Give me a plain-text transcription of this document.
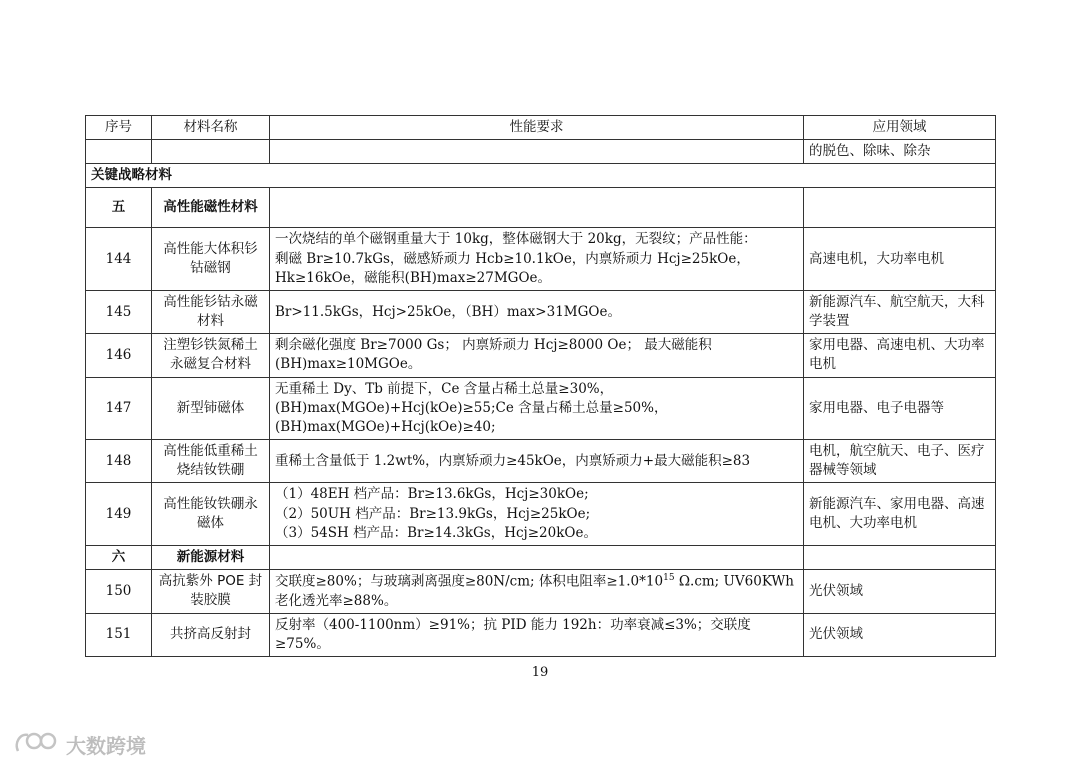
序号	材料名称	性能要求	应用领域
			的脱色、除味、除杂
关键战略材料			
五	高性能磁性材料		
144	高性能大体积钐钴磁钢	一次烧结的单个磁钢重量大于 10kg，整体磁钢大于 20kg，无裂纹；产品性能：
剩磁 Br≥10.7kGs，磁感矫顽力 Hcb≥10.1kOe，内禀矫顽力 Hcj≥25kOe，
Hk≥16kOe，磁能积(BH)max≥27MGOe。	高速电机，大功率电机
145	高性能钐钴永磁材料	Br>11.5kGs，Hcj>25kOe，（BH）max>31MGOe。	新能源汽车、航空航天，大科学装置
146	注塑钐铁氮稀土永磁复合材料	剩余磁化强度 Br≥7000 Gs； 内禀矫顽力 Hcj≥8000 Oe； 最大磁能积
(BH)max≥10MGOe。	家用电器、高速电机、大功率电机
147	新型铈磁体	无重稀土 Dy、Tb 前提下，Ce 含量占稀土总量≥30%，
(BH)max(MGOe)+Hcj(kOe)≥55;Ce 含量占稀土总量≥50%，
(BH)max(MGOe)+Hcj(kOe)≥40;	家用电器、电子电器等
148	高性能低重稀土烧结钕铁硼	重稀土含量低于 1.2wt%，内禀矫顽力≥45kOe，内禀矫顽力+最大磁能积≥83	电机，航空航天、电子、医疗器械等领域
149	高性能钕铁硼永磁体	（1）48EH 档产品：Br≥13.6kGs，Hcj≥30kOe;
（2）50UH 档产品：Br≥13.9kGs，Hcj≥25kOe;
（3）54SH 档产品：Br≥14.3kGs，Hcj≥20kOe。	新能源汽车、家用电器、高速电机、大功率电机
六	新能源材料		
150	高抗紫外 POE 封装胶膜	交联度≥80%；与玻璃剥离强度≥80N/cm; 体积电阻率$\ge 1.0*10^{15}$ Ω.cm; UV60KWh
老化透光率≥88%。	光伏领域
151	共挤高反射封	反射率（400-1100nm）≥91%；抗 PID 能力 192h：功率衰减≤3%；交联度≥75%。	光伏领域
19
大数跨境
